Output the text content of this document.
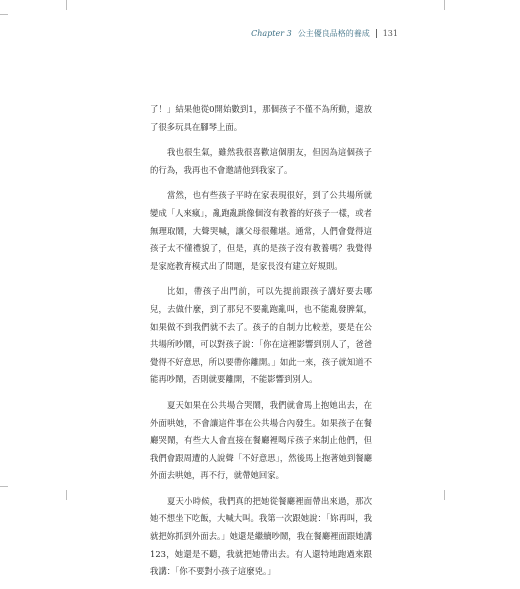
Chapter 3 公主優良品格的養成 131

了！」結果他從0開始數到1，那個孩子不僅不為所動，還放了很多玩具在腳琴上面。

我也很生氣，雖然我很喜歡這個朋友，但因為這個孩子的行為，我再也不會邀請他到我家了。

當然，也有些孩子平時在家表現很好，到了公共場所就變成「人來瘋」，亂跑亂跳像個沒有教養的好孩子一樣，或者無理取鬧，大聲哭喊，讓父母很難堪。通常，人們會覺得這孩子太不懂禮貌了，但是，真的是孩子沒有教養嗎？我覺得是家庭教育模式出了問題，是家長沒有建立好規則。

比如，帶孩子出門前，可以先提前跟孩子講好要去哪兒，去做什麼，到了那兒不要亂跑亂叫，也不能亂發脾氣，如果做不到我們就不去了。孩子的自制力比較差，要是在公共場所吵鬧，可以對孩子說：「你在這裡影響到別人了，爸爸覺得不好意思，所以要帶你離開。」如此一來，孩子就知道不能再吵鬧，否則就要離開，不能影響到別人。

夏天如果在公共場合哭鬧，我們就會馬上抱她出去，在外面哄她，不會讓這件事在公共場合內發生。如果孩子在餐廳哭鬧，有些大人會直接在餐廳裡喝斥孩子來制止他們，但我們會跟周遭的人說聲「不好意思」，然後馬上抱著她到餐廳外面去哄她，再不行，就帶她回家。

夏天小時候，我們真的把她從餐廳裡面帶出來過，那次她不想坐下吃飯，大喊大叫。我第一次跟她說：「妳再叫，我就把妳抓到外面去。」她還是繼續吵鬧，我在餐廳裡面跟她講123，她還是不聽，我就把她帶出去。有人還特地跑過來跟我講：「你不要對小孩子這麼兇。」
